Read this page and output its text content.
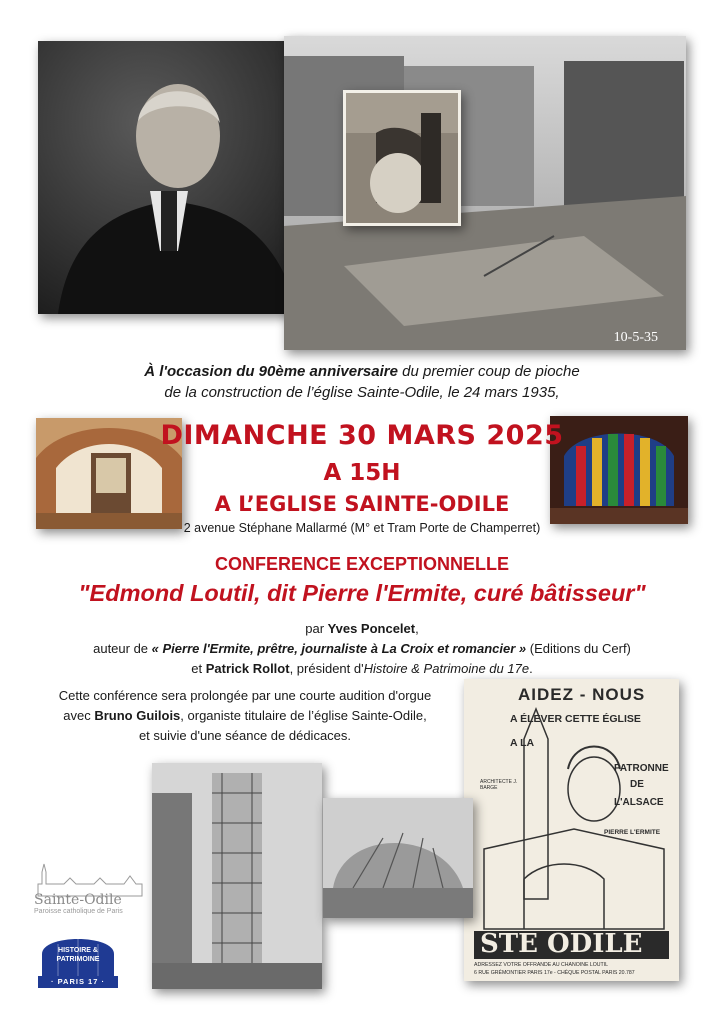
10-5-35
À l'occasion du 90ème anniversaire du premier coup de pioche
de la construction de l’église Sainte-Odile, le 24 mars 1935,
DIMANCHE 30 MARS 2025
A 15H
A L’EGLISE SAINTE-ODILE
2 avenue Stéphane Mallarmé (M° et Tram Porte de Champerret)
CONFERENCE EXCEPTIONNELLE
"Edmond Loutil, dit Pierre l'Ermite, curé bâtisseur"
par Yves Poncelet,
auteur de « Pierre l'Ermite, prêtre, journaliste à La Croix et romancier » (Editions du Cerf)
et Patrick Rollot, président d'Histoire & Patrimoine du 17e.
Cette conférence sera prolongée par une courte audition d'orgue
avec Bruno Guilois, organiste titulaire de l’église Sainte-Odile,
et suivie d'une séance de dédicaces.
AIDEZ - NOUS
A ÉLEVER CETTE ÉGLISE
A LA
PATRONNE
DE
L'ALSACE
ARCHITECTE J. BARGE
PIERRE L'ERMITE
STE ODILE
ADRESSEZ VOTRE OFFRANDE AU CHANOINE LOUTIL
6 RUE GRÉMONTIER PARIS 17e - CHÈQUE POSTAL PARIS 20.787
Sainte-Odile
Paroisse catholique de Paris
HISTOIRE &
PATRIMOINE
· PARIS 17 ·
